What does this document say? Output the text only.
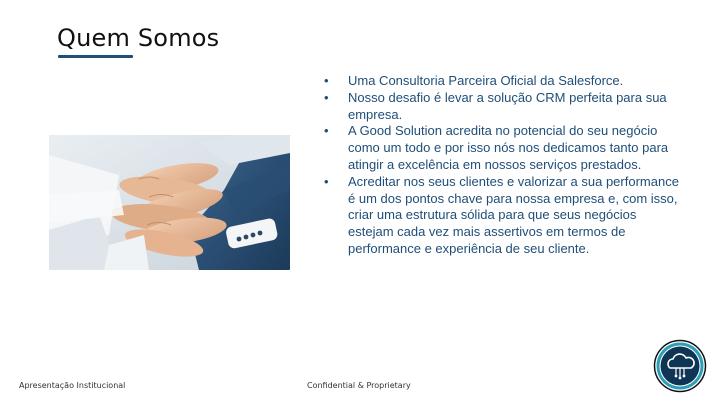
Quem Somos
• Uma Consultoria Parceira Oficial da Salesforce.
• Nosso desafio é levar a solução CRM perfeita para sua empresa.
• A Good Solution acredita no potencial do seu negócio como um todo e por isso nós nos dedicamos tanto para atingir a excelência em nossos serviços prestados.
• Acreditar nos seus clientes e valorizar a sua performance é um dos pontos chave para nossa empresa e, com isso, criar uma estrutura sólida para que seus negócios estejam cada vez mais assertivos em termos de performance e experiência de seu cliente.
Apresentação Institucional	Confidential & Proprietary
